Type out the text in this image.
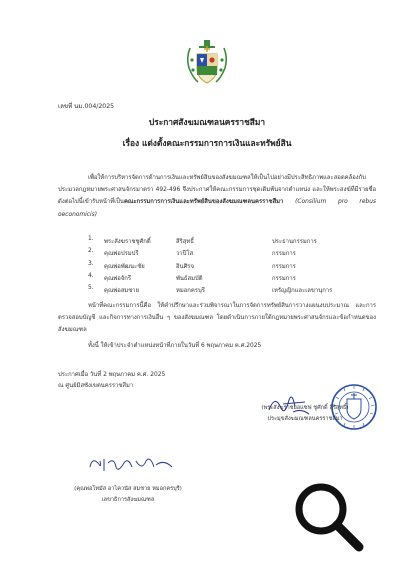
เลขที่ นม.004/2025
ประกาศสังฆมณฑลนครราชสีมา
เรื่อง แต่งตั้งคณะกรรมการการเงินและทรัพย์สิน
เพื่อให้การบริหารจัดการด้านการเงินและทรัพย์สินของสังฆมณฑลให้เป็นไปอย่างมีประสิทธิภาพและสอดคล้องกับประมวลกฎหมายพระศาสนจักรมาตรา 492-496 จึงประกาศให้คณะกรรมการชุดเดิมพ้นจากตำแหน่ง และให้พระสงฆ์ที่มีรายชื่อดังต่อไปนี้เข้ารับหน้าที่เป็นคณะกรรมการการเงินและทรัพย์สินของสังฆมณฑลนครราชสีมา (Consilium pro rebus oeconomicis)
1. พระสังฆราชชูศักดิ์	สิริสุทธิ์	ประธานกรรมการ
2. คุณพ่อปรมปรี	วาปีโส	กรรมการ
3. คุณพ่อพัฒนะชัย	อินศิรจ	กรรมการ
4. คุณพ่อจักรี	พันธ์สมบัติ	กรรมการ
5. คุณพ่อสมชาย	หมอกครบุรี	เหรัญญิกและเลขานุการ
หน้าที่คณะกรรมการนี้คือ ให้คำปรึกษาและร่วมพิจารณาในการจัดการทรัพย์สินการวางแผนงบประมาณ และการตรวจสอบบัญชี และกิจการทางการเงินอื่น ๆ ของสังฆมณฑล โดยดำเนินการภายใต้กฎหมายพระศาสนจักรและข้อกำหนดของสังฆมณฑล
ทั้งนี้ ให้เข้าประจำตำแหน่งหน้าที่ภายในวันที่ 6 พฤษภาคม ค.ศ.2025
ประกาศเมื่อ วันที่ 2 พฤษภาคม ค.ศ. 2025
ณ ศูนย์มิสซังเขตนครราชสีมา
(พระสังฆราชยอแซฟ ชูศักดิ์ สิริสุทธิ์)
ประมุขสังฆมณฑลนครราชสีมา
(คุณพ่อโทมัส อาไควนัส สมชาย หมอกครบุรี)
เลขาธิการสังฆมณฑล
